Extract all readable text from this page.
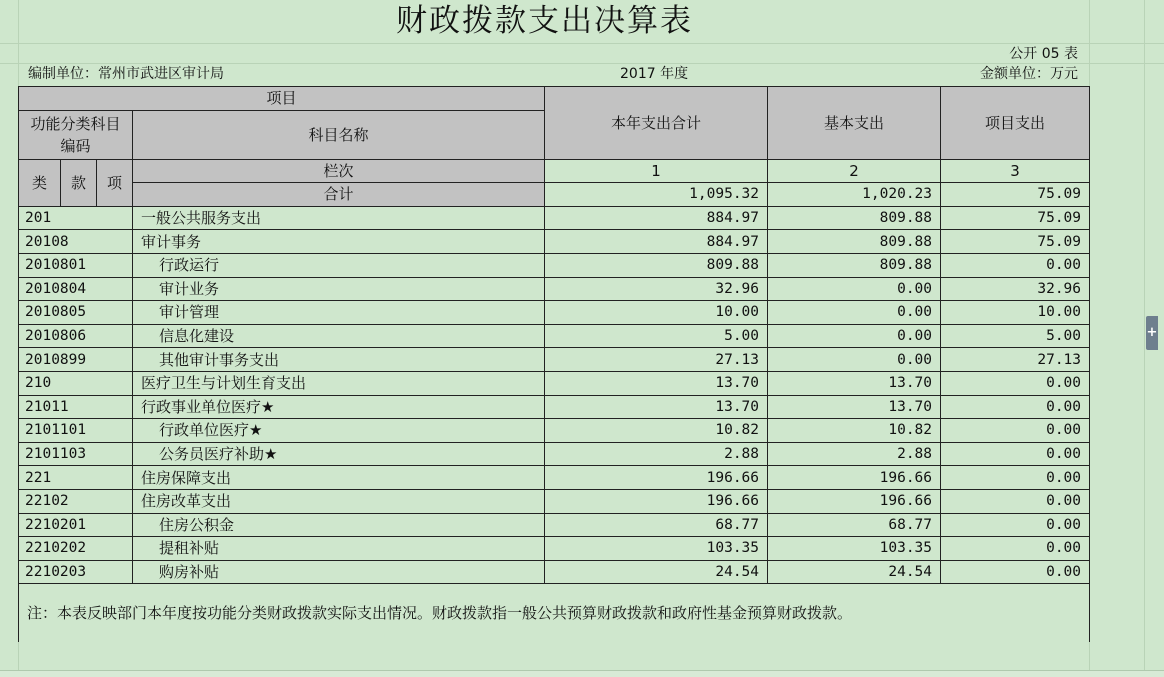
财政拨款支出决算表
公开 05 表
编制单位：常州市武进区审计局	2017 年度	金额单位：万元
项目				本年支出合计	基本支出	项目支出
功能分类科目编码			科目名称			

类	款	项	栏次	1	2	3
			合计	1,095.32	1,020.23	75.09
201			一般公共服务支出	884.97	809.88	75.09
20108			审计事务	884.97	809.88	75.09
2010801			行政运行	809.88	809.88	0.00
2010804			审计业务	32.96	0.00	32.96
2010805			审计管理	10.00	0.00	10.00
2010806			信息化建设	5.00	0.00	5.00
2010899			其他审计事务支出	27.13	0.00	27.13
210			医疗卫生与计划生育支出	13.70	13.70	0.00
21011			行政事业单位医疗★	13.70	13.70	0.00
2101101			行政单位医疗★	10.82	10.82	0.00
2101103			公务员医疗补助★	2.88	2.88	0.00
221			住房保障支出	196.66	196.66	0.00
22102			住房改革支出	196.66	196.66	0.00
2210201			住房公积金	68.77	68.77	0.00
2210202			提租补贴	103.35	103.35	0.00
2210203			购房补贴	24.54	24.54	0.00
注：本表反映部门本年度按功能分类财政拨款实际支出情况。财政拨款指一般公共预算财政拨款和政府性基金预算财政拨款。						
+
